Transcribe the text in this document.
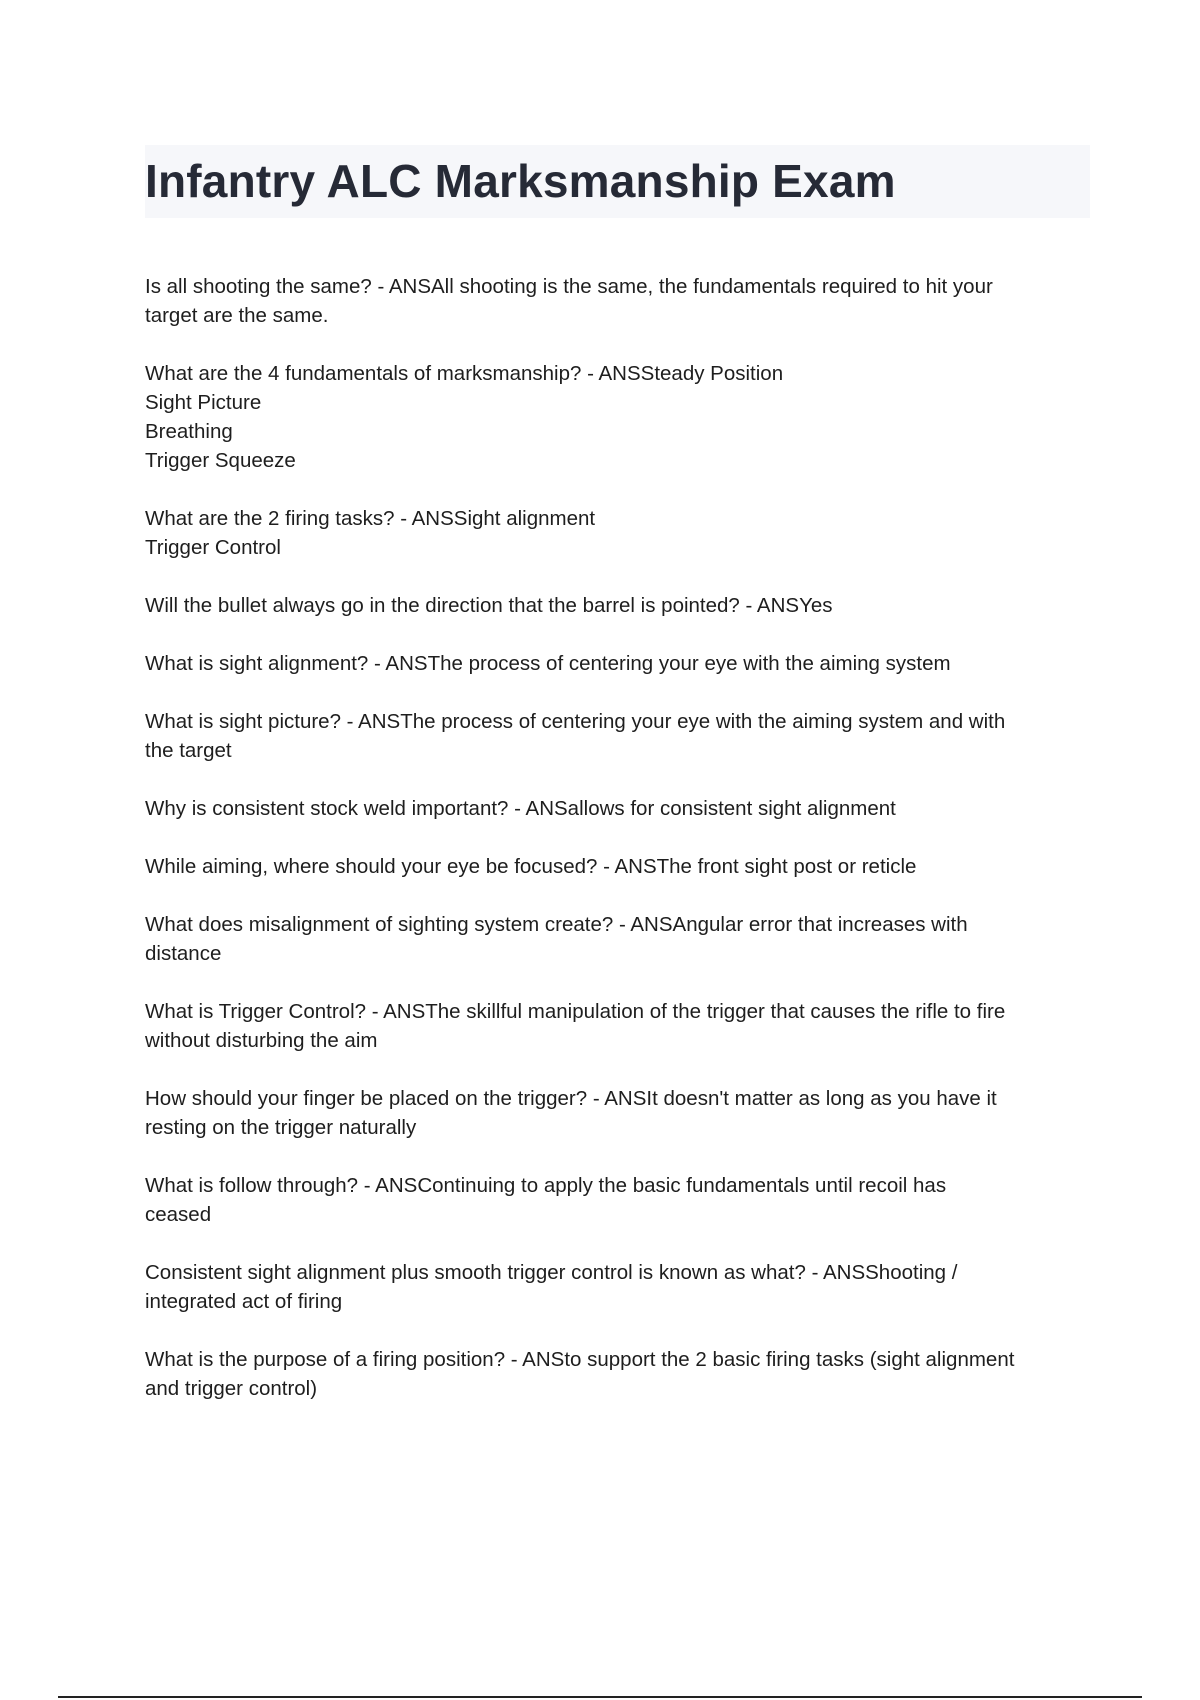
Infantry ALC Marksmanship Exam

Is all shooting the same? - ANSAll shooting is the same, the fundamentals required to hit your
target are the same.

What are the 4 fundamentals of marksmanship? - ANSSteady Position
Sight Picture
Breathing
Trigger Squeeze

What are the 2 firing tasks? - ANSSight alignment
Trigger Control

Will the bullet always go in the direction that the barrel is pointed? - ANSYes

What is sight alignment? - ANSThe process of centering your eye with the aiming system

What is sight picture? - ANSThe process of centering your eye with the aiming system and with
the target

Why is consistent stock weld important? - ANSallows for consistent sight alignment

While aiming, where should your eye be focused? - ANSThe front sight post or reticle

What does misalignment of sighting system create? - ANSAngular error that increases with
distance

What is Trigger Control? - ANSThe skillful manipulation of the trigger that causes the rifle to fire
without disturbing the aim

How should your finger be placed on the trigger? - ANSIt doesn't matter as long as you have it
resting on the trigger naturally

What is follow through? - ANSContinuing to apply the basic fundamentals until recoil has
ceased

Consistent sight alignment plus smooth trigger control is known as what? - ANSShooting /
integrated act of firing

What is the purpose of a firing position? - ANSto support the 2 basic firing tasks (sight alignment
and trigger control)
